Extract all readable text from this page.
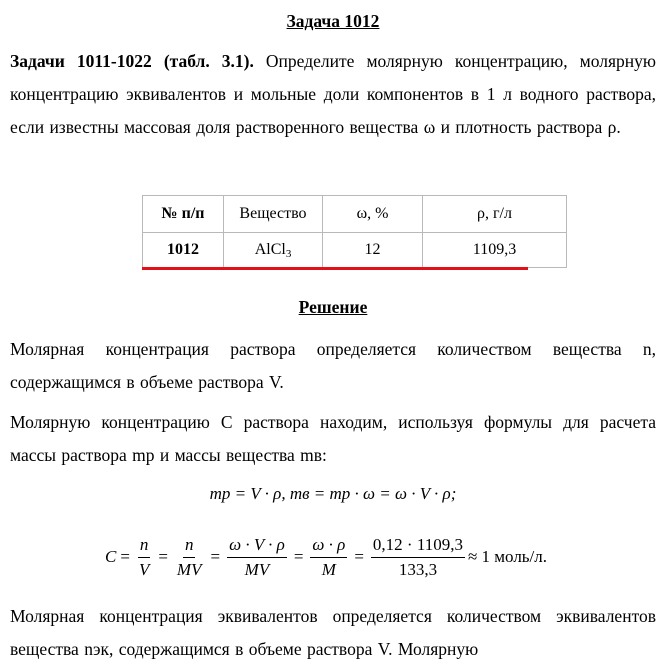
Задача 1012
Задачи 1011-1022 (табл. 3.1). Определите молярную концентрацию, молярную концентрацию эквивалентов и мольные доли компонентов в 1 л водного раствора, если известны массовая доля растворенного вещества ω и плотность раствора ρ.
№ п/п	Вещество	ω, %	ρ, г/л
1012	AlCl$_3$	12	1109,3
Решение
Молярная концентрация раствора определяется количеством вещества n, содержащимся в объеме раствора V.
Молярную концентрацию С раствора находим, используя формулы для расчета массы раствора mр и массы вещества mв:
mр = V · ρ, mв = mр · ω = ω · V · ρ;
$C = \frac{n}{V} = \frac{n}{MV} = \frac{\omega \cdot V \cdot \rho}{MV} = \frac{\omega \cdot \rho}{M} = \frac{0,12 \cdot 1109,3}{133,3} \approx 1$ моль/л.
Молярная концентрация эквивалентов определяется количеством эквивалентов вещества nэк, содержащимся в объеме раствора V. Молярную
